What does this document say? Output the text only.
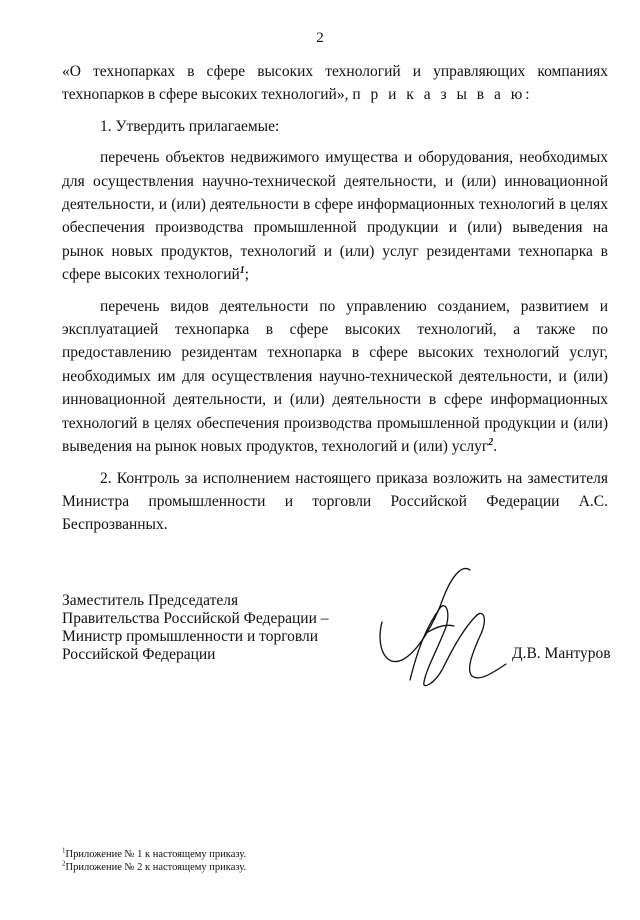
2

«О технопарках в сфере высоких технологий и управляющих компаниях технопарков в сфере высоких технологий», п р и к а з ы в а ю:

1. Утвердить прилагаемые:

перечень объектов недвижимого имущества и оборудования, необходимых для осуществления научно-технической деятельности, и (или) инновационной деятельности, и (или) деятельности в сфере информационных технологий в целях обеспечения производства промышленной продукции и (или) выведения на рынок новых продуктов, технологий и (или) услуг резидентами технопарка в сфере высоких технологий$^1$;

перечень видов деятельности по управлению созданием, развитием и эксплуатацией технопарка в сфере высоких технологий, а также по предоставлению резидентам технопарка в сфере высоких технологий услуг, необходимых им для осуществления научно-технической деятельности, и (или) инновационной деятельности, и (или) деятельности в сфере информационных технологий в целях обеспечения производства промышленной продукции и (или) выведения на рынок новых продуктов, технологий и (или) услуг$^2$.

2. Контроль за исполнением настоящего приказа возложить на заместителя Министра промышленности и торговли Российской Федерации А.С. Беспрозванных.

Заместитель Председателя
Правительства Российской Федерации –
Министр промышленности и торговли
Российской Федерации	Д.В. Мантуров
$^1$Приложение № 1 к настоящему приказу.
$^2$Приложение № 2 к настоящему приказу.
